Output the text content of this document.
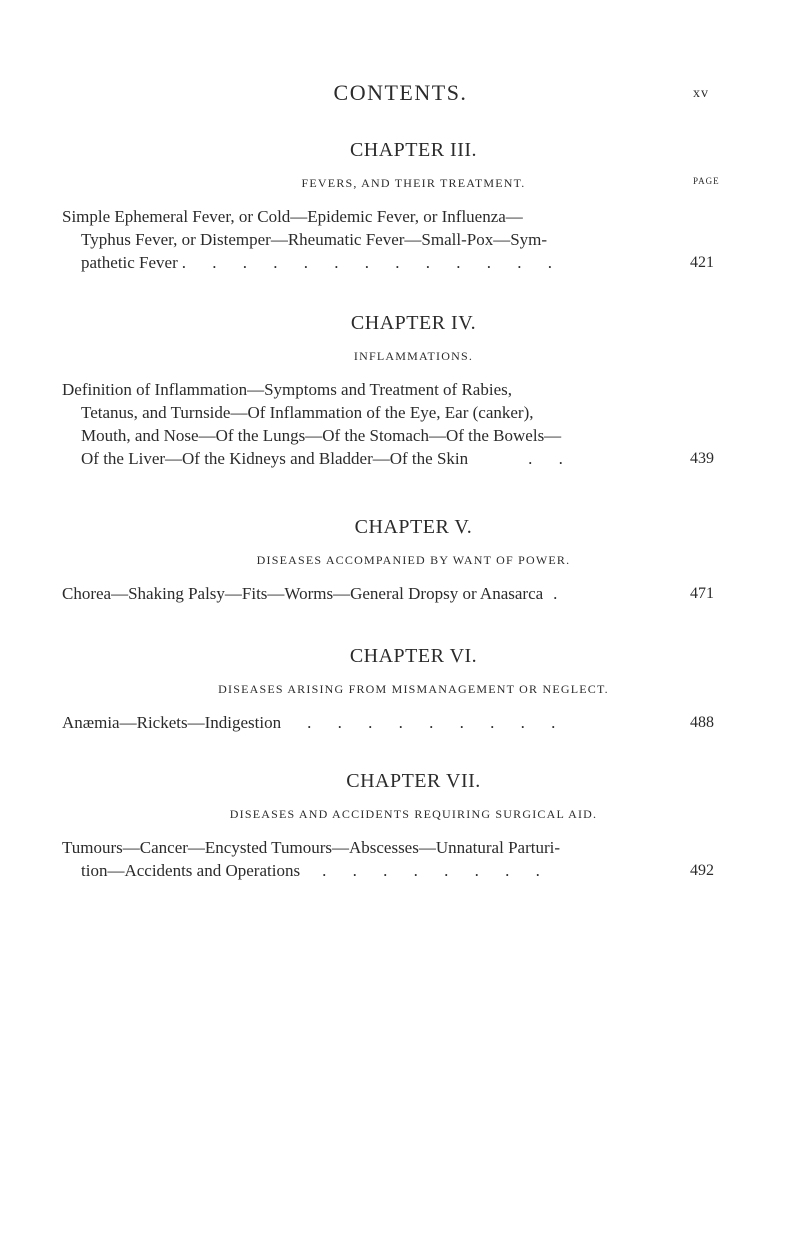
CONTENTS.	xv
PAGE

CHAPTER III.

FEVERS, AND THEIR TREATMENT.

Simple Ephemeral Fever, or Cold—Epidemic Fever, or Influenza—
Typhus Fever, or Distemper—Rheumatic Fever—Small-Pox—Sym-
pathetic Fever . . . . . . . . . . . . .	421

CHAPTER IV.

INFLAMMATIONS.

Definition of Inflammation—Symptoms and Treatment of Rabies,
Tetanus, and Turnside—Of Inflammation of the Eye, Ear (canker),
Mouth, and Nose—Of the Lungs—Of the Stomach—Of the Bowels—
Of the Liver—Of the Kidneys and Bladder—Of the Skin	. .	439

CHAPTER V.

DISEASES ACCOMPANIED BY WANT OF POWER.

Chorea—Shaking Palsy—Fits—Worms—General Dropsy or Anasarca .	471

CHAPTER VI.

DISEASES ARISING FROM MISMANAGEMENT OR NEGLECT.

Anæmia—Rickets—Indigestion . . . . . . . . .	488

CHAPTER VII.

DISEASES AND ACCIDENTS REQUIRING SURGICAL AID.

Tumours—Cancer—Encysted Tumours—Abscesses—Unnatural Parturi-
tion—Accidents and Operations . . . . . . . .	492
